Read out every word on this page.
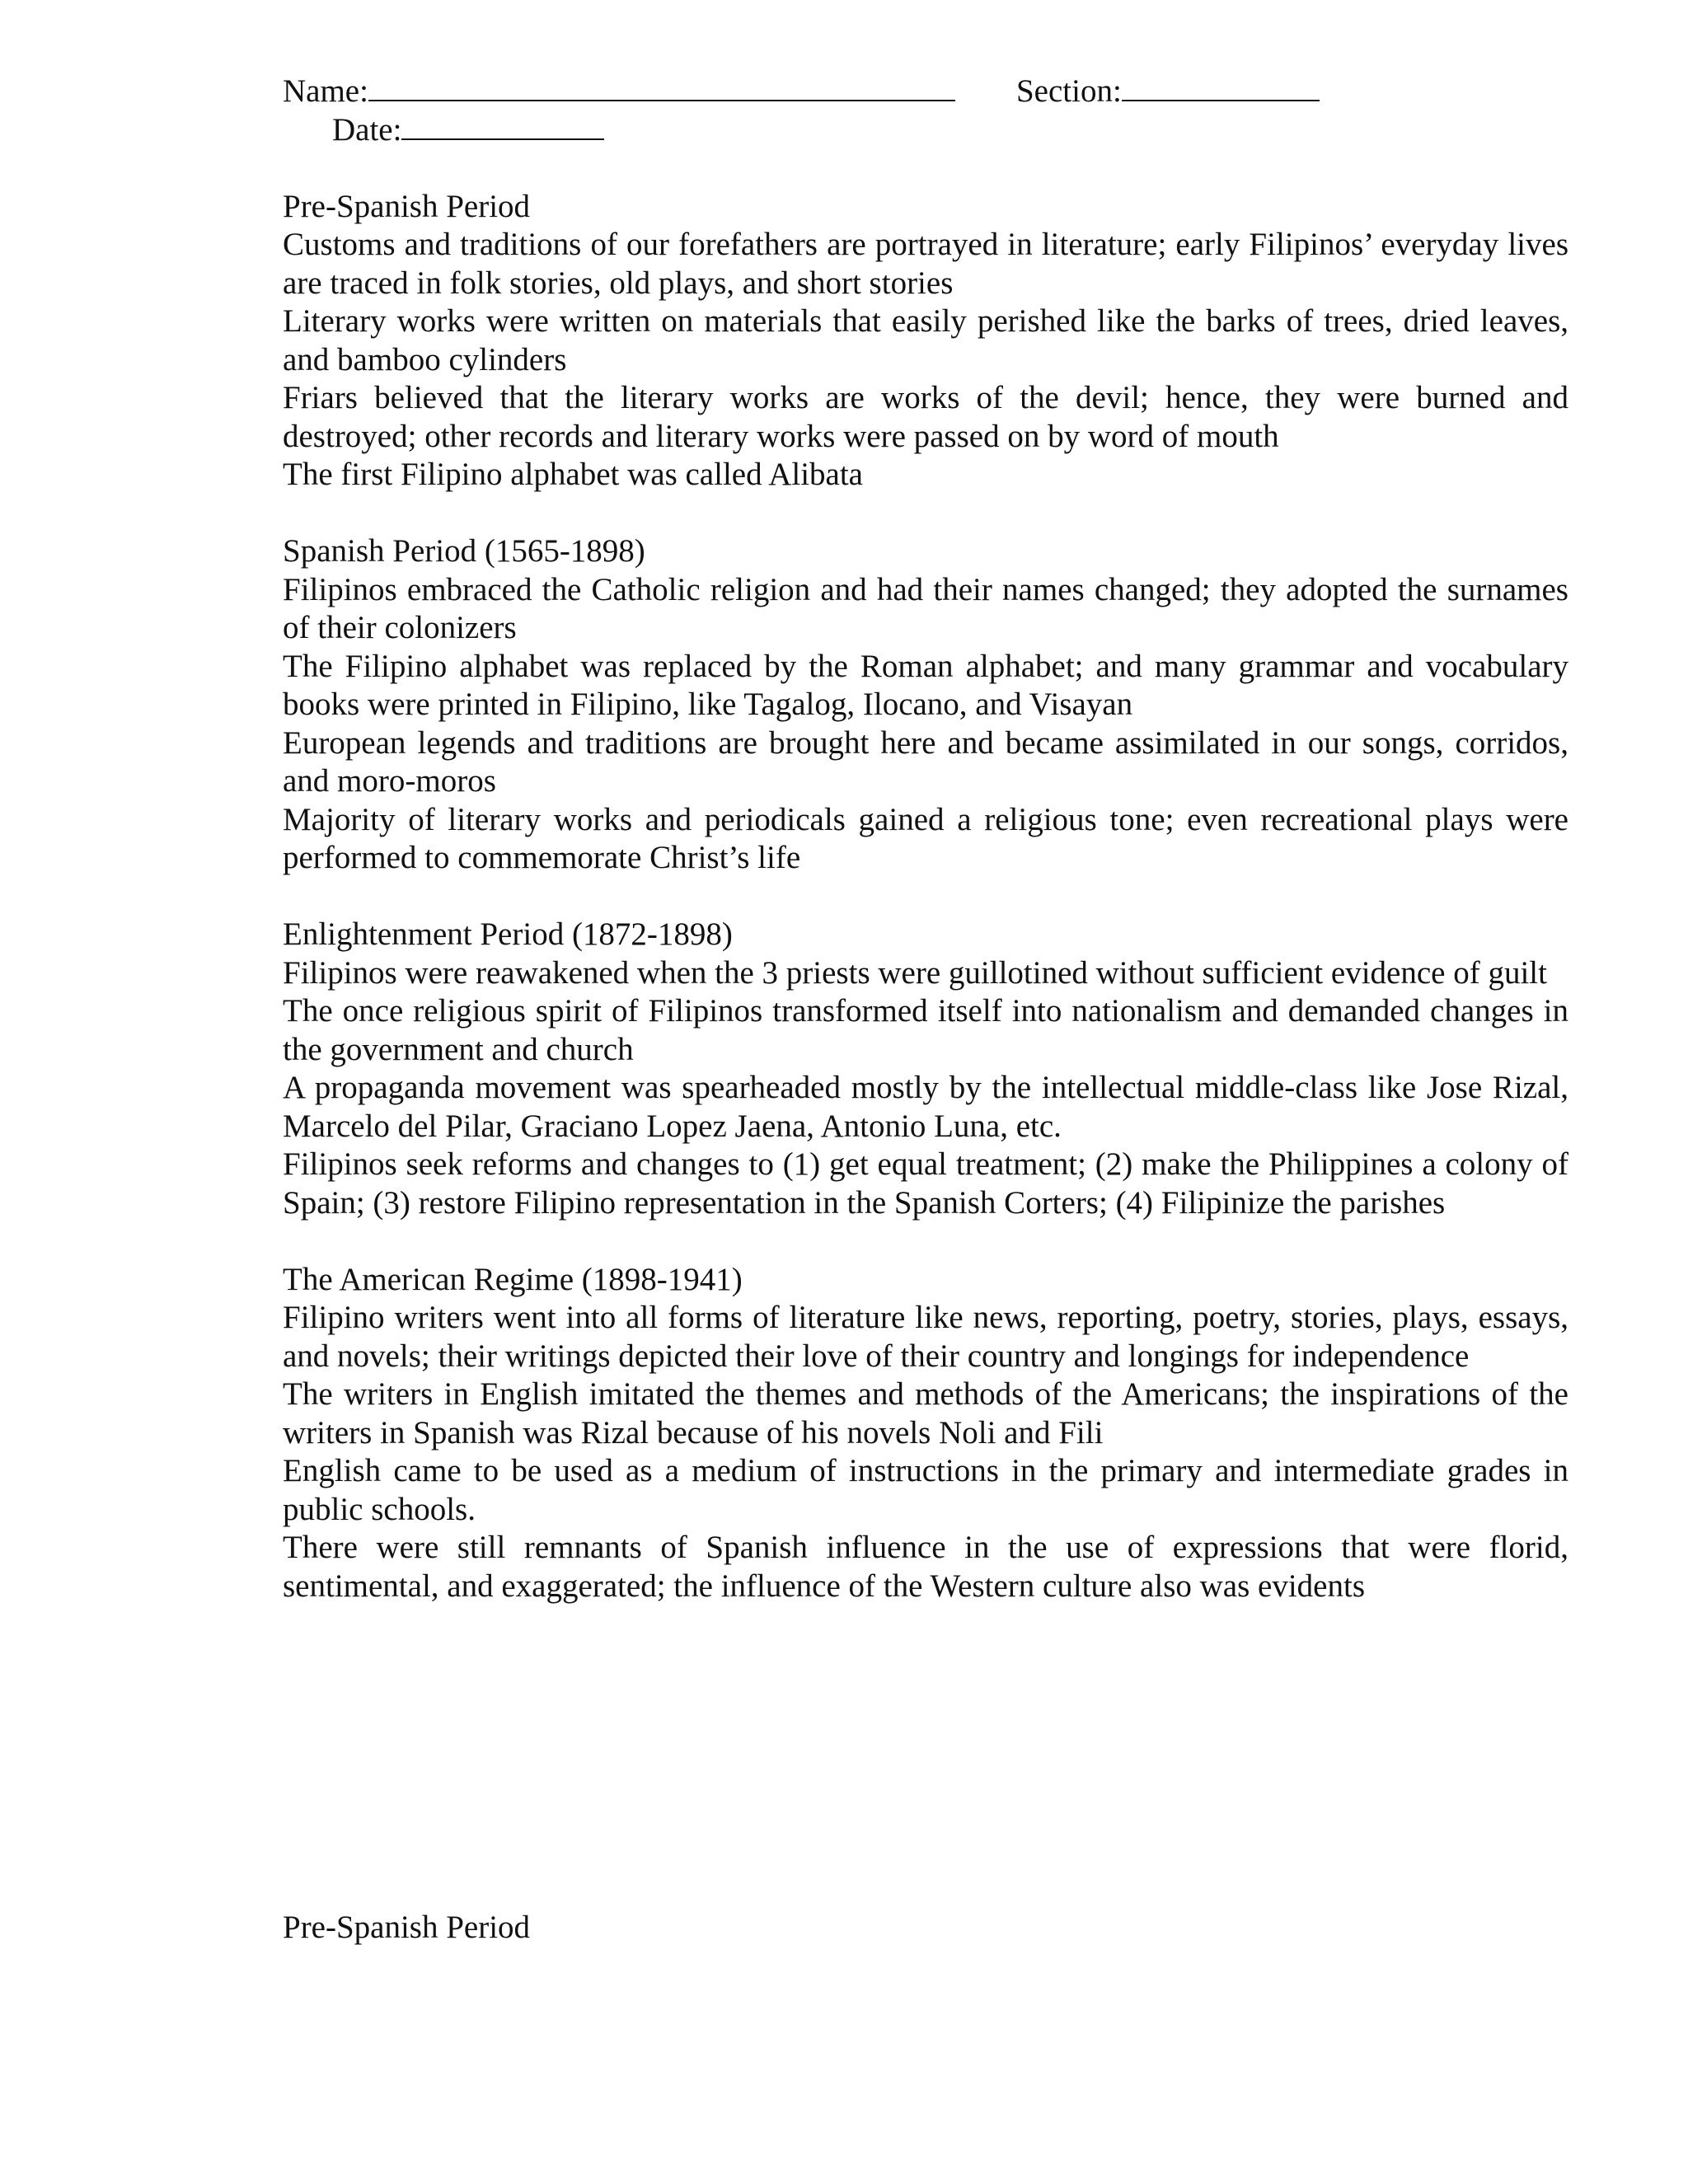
Name:	Section:
Date:
Pre-Spanish Period

Customs and traditions of our forefathers are portrayed in literature; early Filipinos’ everyday lives are traced in folk stories, old plays, and short stories

Literary works were written on materials that easily perished like the barks of trees, dried leaves, and bamboo cylinders

Friars believed that the literary works are works of the devil; hence, they were burned and destroyed; other records and literary works were passed on by word of mouth

The first Filipino alphabet was called Alibata

Spanish Period (1565-1898)

Filipinos embraced the Catholic religion and had their names changed; they adopted the surnames of their colonizers

The Filipino alphabet was replaced by the Roman alphabet; and many grammar and vocabulary books were printed in Filipino, like Tagalog, Ilocano, and Visayan

European legends and traditions are brought here and became assimilated in our songs, corridos, and moro-moros

Majority of literary works and periodicals gained a religious tone; even recreational plays were performed to commemorate Christ’s life

Enlightenment Period (1872-1898)

Filipinos were reawakened when the 3 priests were guillotined without sufficient evidence of guilt

The once religious spirit of Filipinos transformed itself into nationalism and demanded changes in the government and church

A propaganda movement was spearheaded mostly by the intellectual middle-class like Jose Rizal, Marcelo del Pilar, Graciano Lopez Jaena, Antonio Luna, etc.

Filipinos seek reforms and changes to (1) get equal treatment; (2) make the Philippines a colony of Spain; (3) restore Filipino representation in the Spanish Corters; (4) Filipinize the parishes

The American Regime (1898-1941)

Filipino writers went into all forms of literature like news, reporting, poetry, stories, plays, essays, and novels; their writings depicted their love of their country and longings for independence

The writers in English imitated the themes and methods of the Americans; the inspirations of the writers in Spanish was Rizal because of his novels Noli and Fili

English came to be used as a medium of instructions in the primary and intermediate grades in public schools.

There were still remnants of Spanish influence in the use of expressions that were florid, sentimental, and exaggerated; the influence of the Western culture also was evidents

Pre-Spanish Period
